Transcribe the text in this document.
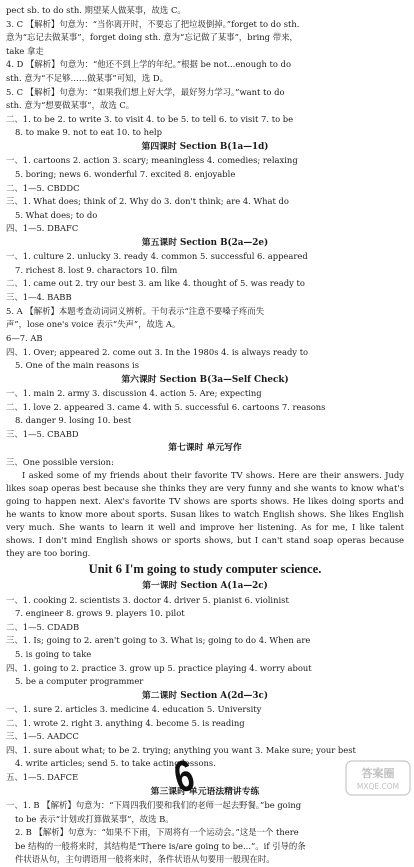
pect sb. to do sth. 期望某人做某事，故选 C。
3. C 【解析】句意为：“当你离开时，不要忘了把垃圾倒掉。”forget to do sth.
意为“忘记去做某事”，forget doing sth. 意为“忘记做了某事”，bring 带来，
take 拿走
4. D 【解析】句意为：“他还不到上学的年纪。”根据 be not...enough to do
sth. 意为“不足够……做某事”可知，选 D。
5. C 【解析】句意为：“如果我们想上好大学，最好努力学习。”want to do
sth. 意为“想要做某事”，故选 C。
二、1. to be 2. to write 3. to visit 4. to be 5. to tell 6. to visit 7. to be
8. to make 9. not to eat 10. to help
第四课时 Section B(1a—1d)
一、1. cartoons 2. action 3. scary; meaningless 4. comedies; relaxing
5. boring; news 6. wonderful 7. excited 8. enjoyable
二、1—5. CBDDC
三、1. What does; think of 2. Why do 3. don't think; are 4. What do
5. What does; to do
四、1—5. DBAFC
第五课时 Section B(2a—2e)
一、1. culture 2. unlucky 3. ready 4. common 5. successful 6. appeared
7. richest 8. lost 9. charactors 10. film
二、1. came out 2. try our best 3. am like 4. thought of 5. was ready to
三、1—4. BABB
5. A 【解析】本题考查动词词义辨析。干句表示“注意不要嗓子疼而失
声”，lose one's voice 表示“失声”，故选 A。
6—7. AB
四、1. Over; appeared 2. come out 3. In the 1980s 4. is always ready to
5. One of the main reasons is
第六课时 Section B(3a—Self Check)
一、1. main 2. army 3. discussion 4. action 5. Are; expecting
二、1. love 2. appeared 3. came 4. with 5. successful 6. cartoons 7. reasons
8. danger 9. losing 10. best
三、1—5. CBABD
第七课时 单元写作
三、One possible version:
I asked some of my friends about their favorite TV shows. Here are their answers. Judy likes soap operas best because she thinks they are very funny and she wants to know what's going to happen next. Alex's favorite TV shows are sports shows. He likes doing sports and he wants to know more about sports. Susan likes to watch English shows. She likes English very much. She wants to learn it well and improve her listening. As for me, I like talent shows. I don't mind English shows or sports shows, but I can't stand soap operas because they are too boring.
Unit 6 I'm going to study computer science.
第一课时 Section A(1a—2c)
一、1. cooking 2. scientists 3. doctor 4. driver 5. pianist 6. violinist
7. engineer 8. grows 9. players 10. pilot
二、1—5. CDADB
三、1. Is; going to 2. aren't going to 3. What is; going to do 4. When are
5. is going to take
四、1. going to 2. practice 3. grow up 5. practice playing 4. worry about
5. be a computer programmer
第二课时 Section A(2d—3c)
一、1. sure 2. articles 3. medicine 4. education 5. University
二、1. wrote 2. right 3. anything 4. become 5. is reading
三、1—5. AADCC
四、1. sure about what; to be 2. trying; anything you want 3. Make sure; your best
4. write articles; send 5. to take acting lessons.
五、1—5. DAFCE
第三课时 单元语法精讲专练
一、1. B 【解析】句意为：“下周四我们要和我们的老师一起去野餐。”be going
to be 表示“计划或打算做某事”，故选 B。
2. B 【解析】句意为：“如果不下雨，下周将有一个运动会。”这是一个 there
be 结构的一般将来时，其结构是“There is/are going to be...”。if 引导的条
件状语从句，主句谓语用一般将来时，条件状语从句要用一般现在时。
6	答案圈
MXQE.COM
